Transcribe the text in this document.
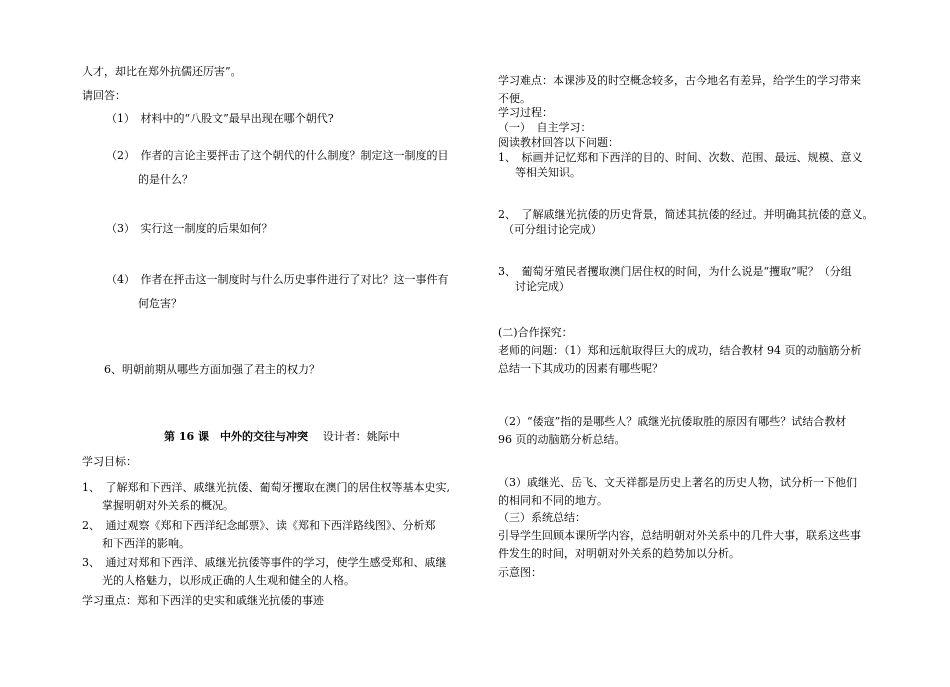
人才，却比在郑外抗儒还厉害”。
请回答：
（1）　材料中的“八股文”最早出现在哪个朝代?
（2）　作者的言论主要抨击了这个朝代的什么制度？制定这一制度的目
的是什么？
（3）　实行这一制度的后果如何？
（4）　作者在抨击这一制度时与什么历史事件进行了对比？这一事件有
何危害？
6、明朝前期从哪些方面加强了君主的权力？
第 16 课　中外的交往与冲突　 设计者：姚际中
学习目标：
1、　了解郑和下西洋、戚继光抗倭、葡萄牙攫取在澳门的居住权等基本史实,
掌握明朝对外关系的概况。
2、　通过观察《郑和下西洋纪念邮票》、读《郑和下西洋路线图》、分析郑
和下西洋的影响。
3、　通过对郑和下西洋、戚继光抗倭等事件的学习，使学生感受郑和、戚继
光的人格魅力，以形成正确的人生观和健全的人格。
学习重点：郑和下西洋的史实和戚继光抗倭的事迹
学习难点：本课涉及的时空概念较多，古今地名有差异，给学生的学习带来
不便。
学习过程：
（一）　自主学习：
阅读教材回答以下问题：
1、　标画并记忆郑和下西洋的目的、时间、次数、范围、最远、规模、意义
等相关知识。
2、　了解戚继光抗倭的历史背景，简述其抗倭的经过。并明确其抗倭的意义。
（可分组讨论完成）
3、　葡萄牙殖民者攫取澳门居住权的时间，为什么说是“攫取”呢？（分组
讨论完成）
(二)合作探究：
老师的问题：（1）郑和远航取得巨大的成功，结合教材 94 页的动脑筋分析
总结一下其成功的因素有哪些呢？
（2）“倭寇”指的是哪些人？戚继光抗倭取胜的原因有哪些？试结合教材
96 页的动脑筋分析总结。
（3）戚继光、岳飞、文天祥都是历史上著名的历史人物，试分析一下他们
的相同和不同的地方。
（三）系统总结：
引导学生回顾本课所学内容，总结明朝对外关系中的几件大事，联系这些事
件发生的时间，对明朝对外关系的趋势加以分析。
示意图：
